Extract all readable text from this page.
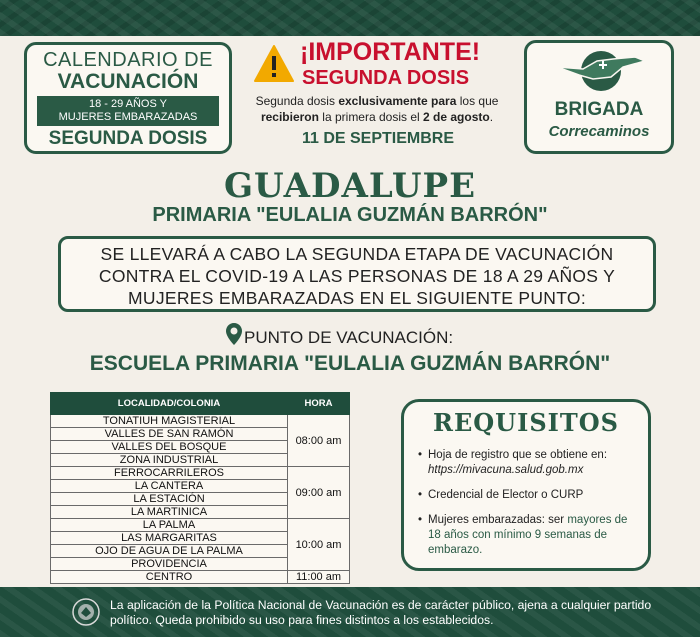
CALENDARIO DE
VACUNACIÓN
18 - 29 AÑOS Y
MUJERES EMBARAZADAS
SEGUNDA DOSIS
¡IMPORTANTE!
SEGUNDA DOSIS
Segunda dosis exclusivamente para los que recibieron la primera dosis el 2 de agosto.
11 DE SEPTIEMBRE
BRIGADA
Correcaminos
GUADALUPE
PRIMARIA "EULALIA GUZMÁN BARRÓN"
SE LLEVARÁ A CABO LA SEGUNDA ETAPA DE VACUNACIÓN
CONTRA EL COVID-19 A LAS PERSONAS DE 18 A 29 AÑOS Y
MUJERES EMBARAZADAS EN EL SIGUIENTE PUNTO:
PUNTO DE VACUNACIÓN:
ESCUELA PRIMARIA "EULALIA GUZMÁN BARRÓN"
LOCALIDAD/COLONIA	HORA
TONATIUH MAGISTERIAL	08:00 am
VALLES DE SAN RAMÓN	
VALLES DEL BOSQUE	
ZONA INDUSTRIAL	
FERROCARRILEROS	09:00 am
LA CANTERA	
LA ESTACIÓN	
LA MARTINICA	
LA PALMA	10:00 am
LAS MARGARITAS	
OJO DE AGUA DE LA PALMA	
PROVIDENCIA	
CENTRO	11:00 am
REQUISITOS
• Hoja de registro que se obtiene en: https://mivacuna.salud.gob.mx
• Credencial de Elector o CURP
• Mujeres embarazadas: ser mayores de 18 años con mínimo 9 semanas de embarazo.
La aplicación de la Política Nacional de Vacunación es de carácter público, ajena a cualquier partido político. Queda prohibido su uso para fines distintos a los establecidos.
